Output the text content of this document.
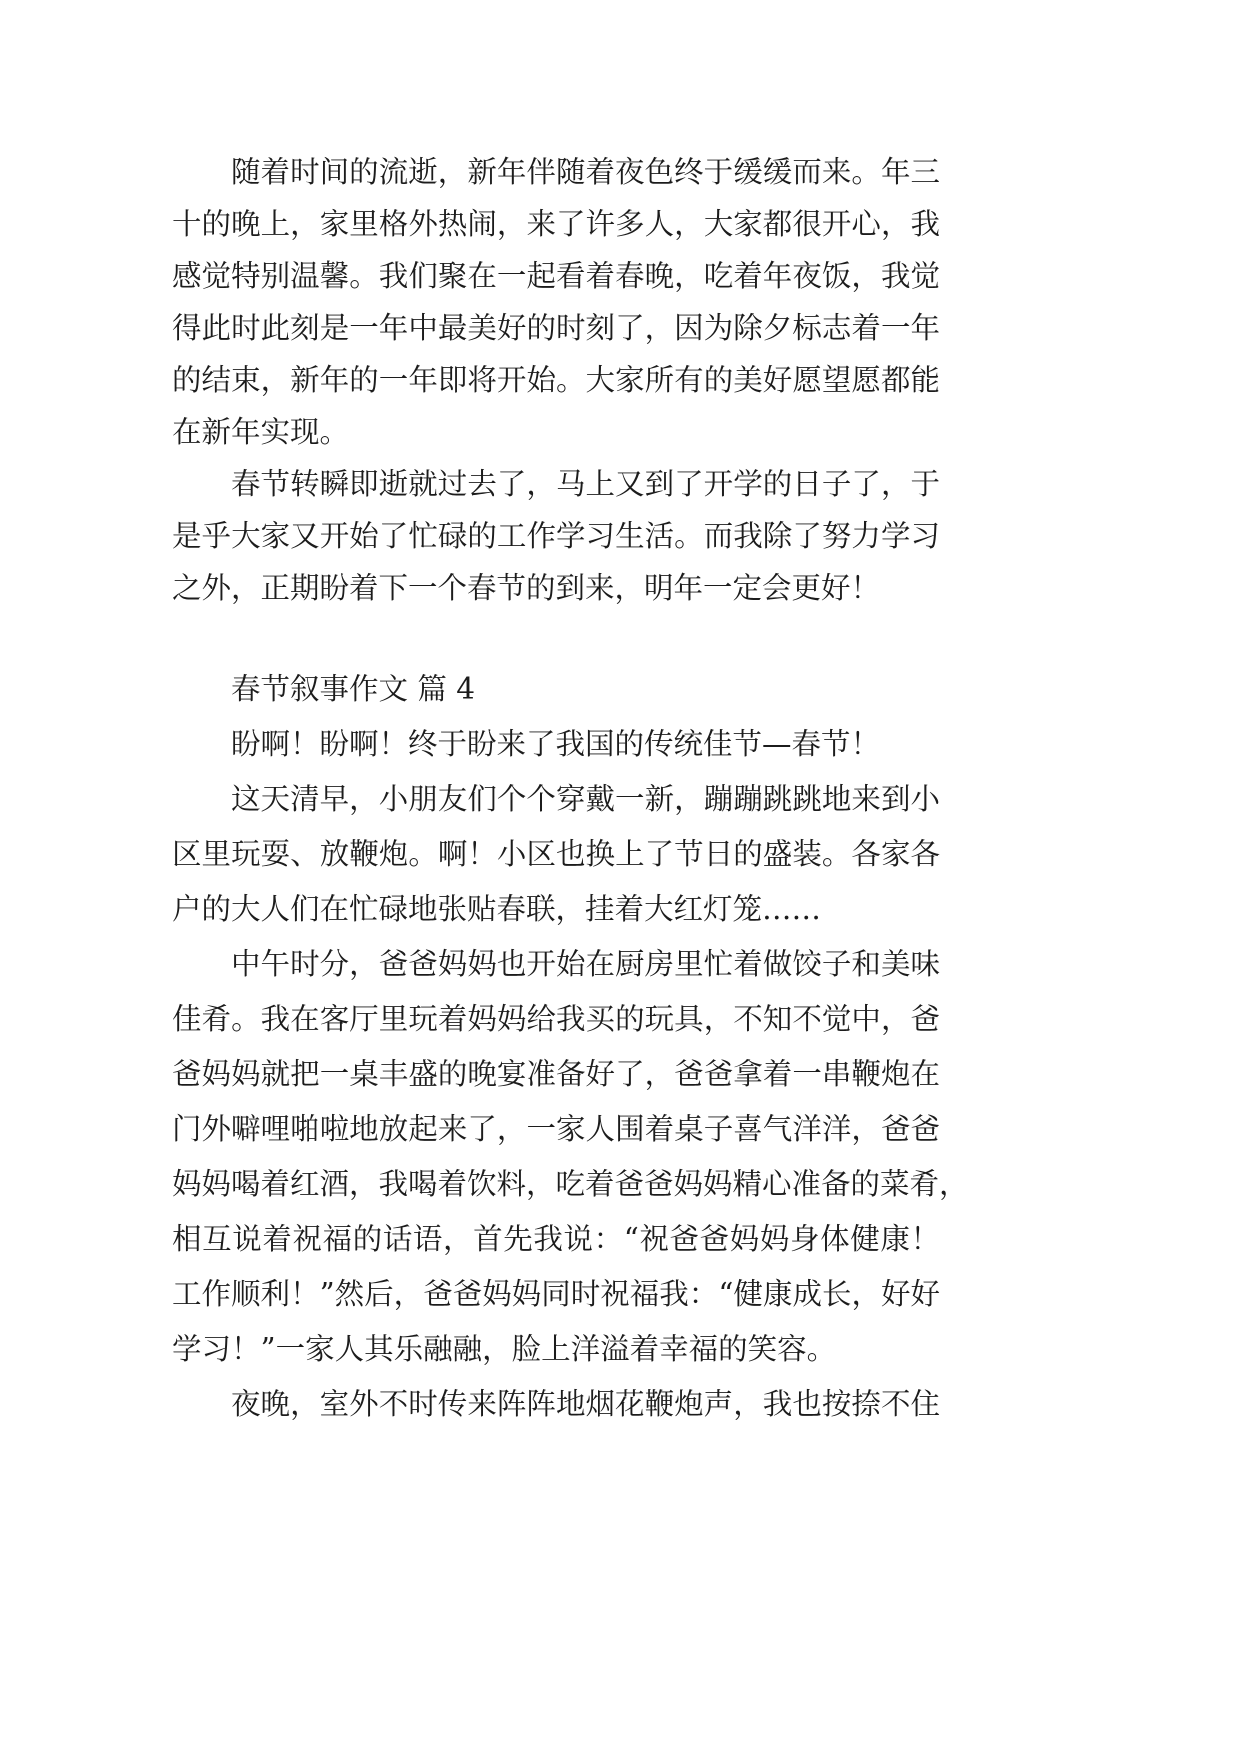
随着时间的流逝，新年伴随着夜色终于缓缓而来。年三
十的晚上，家里格外热闹，来了许多人，大家都很开心，我
感觉特别温馨。我们聚在一起看着春晚，吃着年夜饭，我觉
得此时此刻是一年中最美好的时刻了，因为除夕标志着一年
的结束，新年的一年即将开始。大家所有的美好愿望愿都能
在新年实现。
春节转瞬即逝就过去了，马上又到了开学的日子了，于
是乎大家又开始了忙碌的工作学习生活。而我除了努力学习
之外，正期盼着下一个春节的到来，明年一定会更好！
春节叙事作文 篇 4
盼啊！盼啊！终于盼来了我国的传统佳节—春节！
这天清早，小朋友们个个穿戴一新，蹦蹦跳跳地来到小
区里玩耍、放鞭炮。啊！小区也换上了节日的盛装。各家各
户的大人们在忙碌地张贴春联，挂着大红灯笼……
中午时分，爸爸妈妈也开始在厨房里忙着做饺子和美味
佳肴。我在客厅里玩着妈妈给我买的玩具，不知不觉中，爸
爸妈妈就把一桌丰盛的晚宴准备好了，爸爸拿着一串鞭炮在
门外噼哩啪啦地放起来了，一家人围着桌子喜气洋洋，爸爸
妈妈喝着红酒，我喝着饮料，吃着爸爸妈妈精心准备的菜肴，
相互说着祝福的话语，首先我说：“祝爸爸妈妈身体健康！
工作顺利！”然后，爸爸妈妈同时祝福我：“健康成长，好好
学习！”一家人其乐融融，脸上洋溢着幸福的笑容。
夜晚，室外不时传来阵阵地烟花鞭炮声，我也按捺不住
